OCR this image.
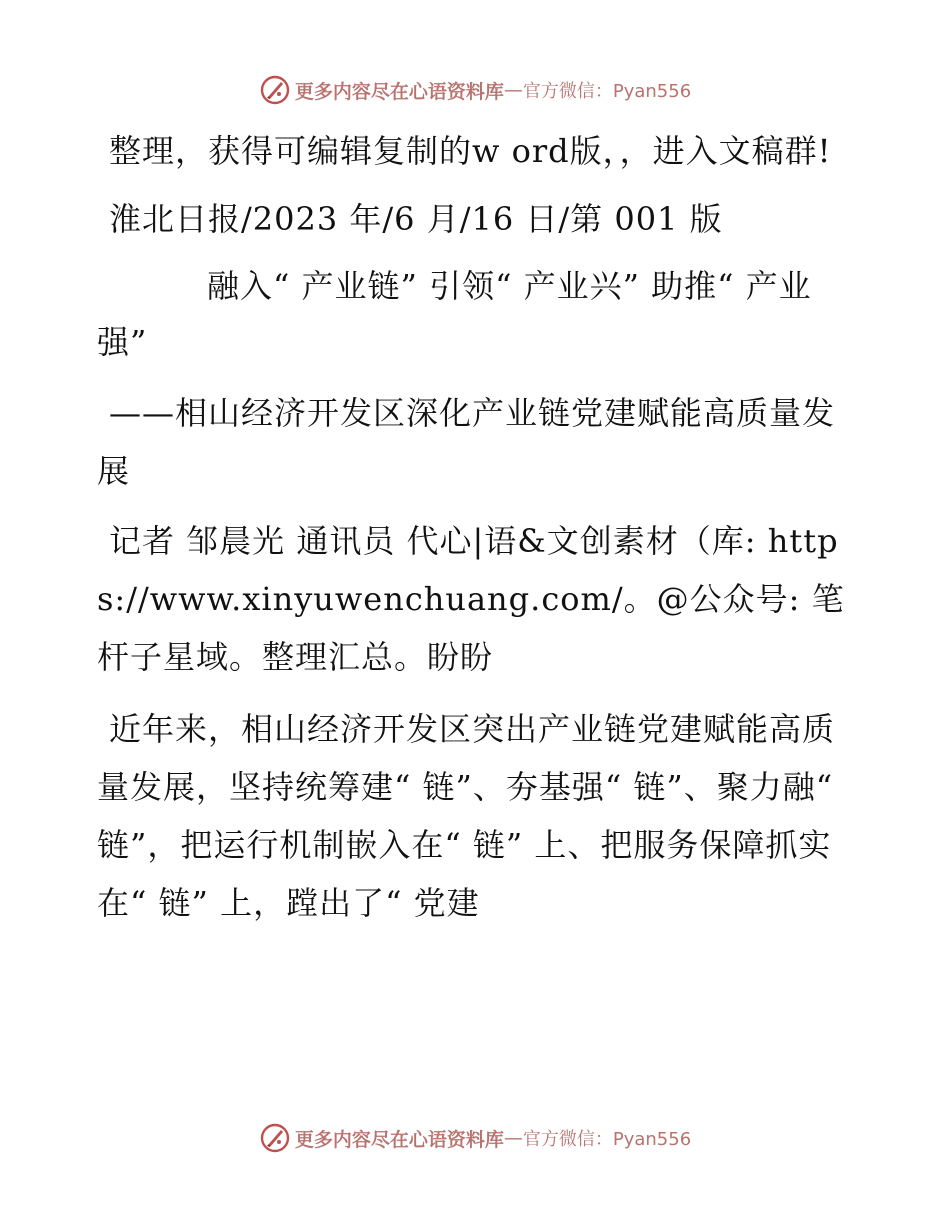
更多内容尽在心语资料库 — 官方微信：Pyan556

整理，获得可编辑复制的w ord版，，进入文稿群!

淮北日报/2023 年/6 月/16 日/第 001 版

融入“ 产业链” 引领“ 产业兴” 助推“ 产业强”

——相山经济开发区深化产业链党建赋能高质量发展

记者 邹晨光 通讯员 代心|语&文创素材（库: https://www.xinyuwenchuang.com/。@公众号: 笔杆子星域。整理汇总。盼盼

近年来，相山经济开发区突出产业链党建赋能高质量发展，坚持统筹建“ 链”、夯基强“ 链”、聚力融“ 链”，把运行机制嵌入在“ 链” 上、把服务保障抓实在“ 链” 上，蹚出了“ 党建

更多内容尽在心语资料库 — 官方微信：Pyan556
